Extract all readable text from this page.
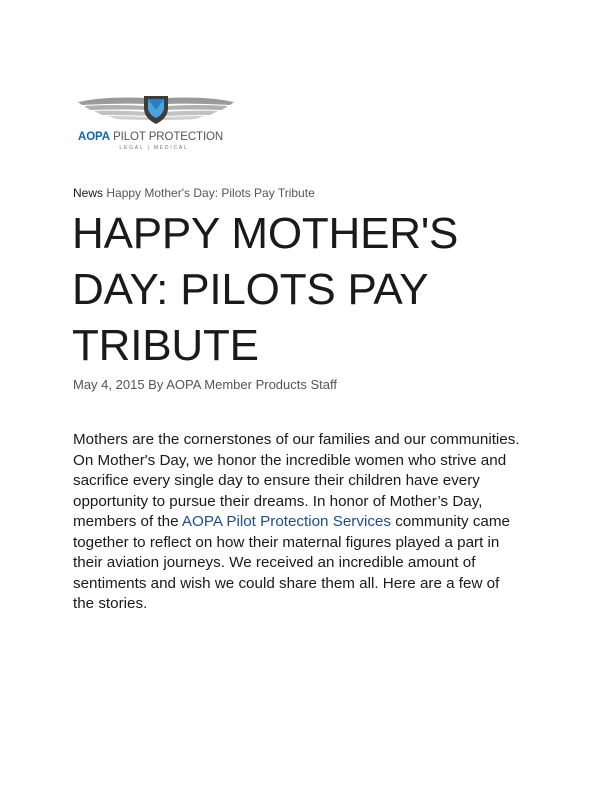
AOPA PILOT PROTECTION
LEGAL | MEDICAL
News Happy Mother's Day: Pilots Pay Tribute
HAPPY MOTHER'S DAY: PILOTS PAY TRIBUTE
May 4, 2015 By AOPA Member Products Staff

Mothers are the cornerstones of our families and our communities. On Mother's Day, we honor the incredible women who strive and sacrifice every single day to ensure their children have every opportunity to pursue their dreams. In honor of Mother’s Day, members of the AOPA Pilot Protection Services community came together to reflect on how their maternal figures played a part in their aviation journeys. We received an incredible amount of sentiments and wish we could share them all. Here are a few of the stories.
